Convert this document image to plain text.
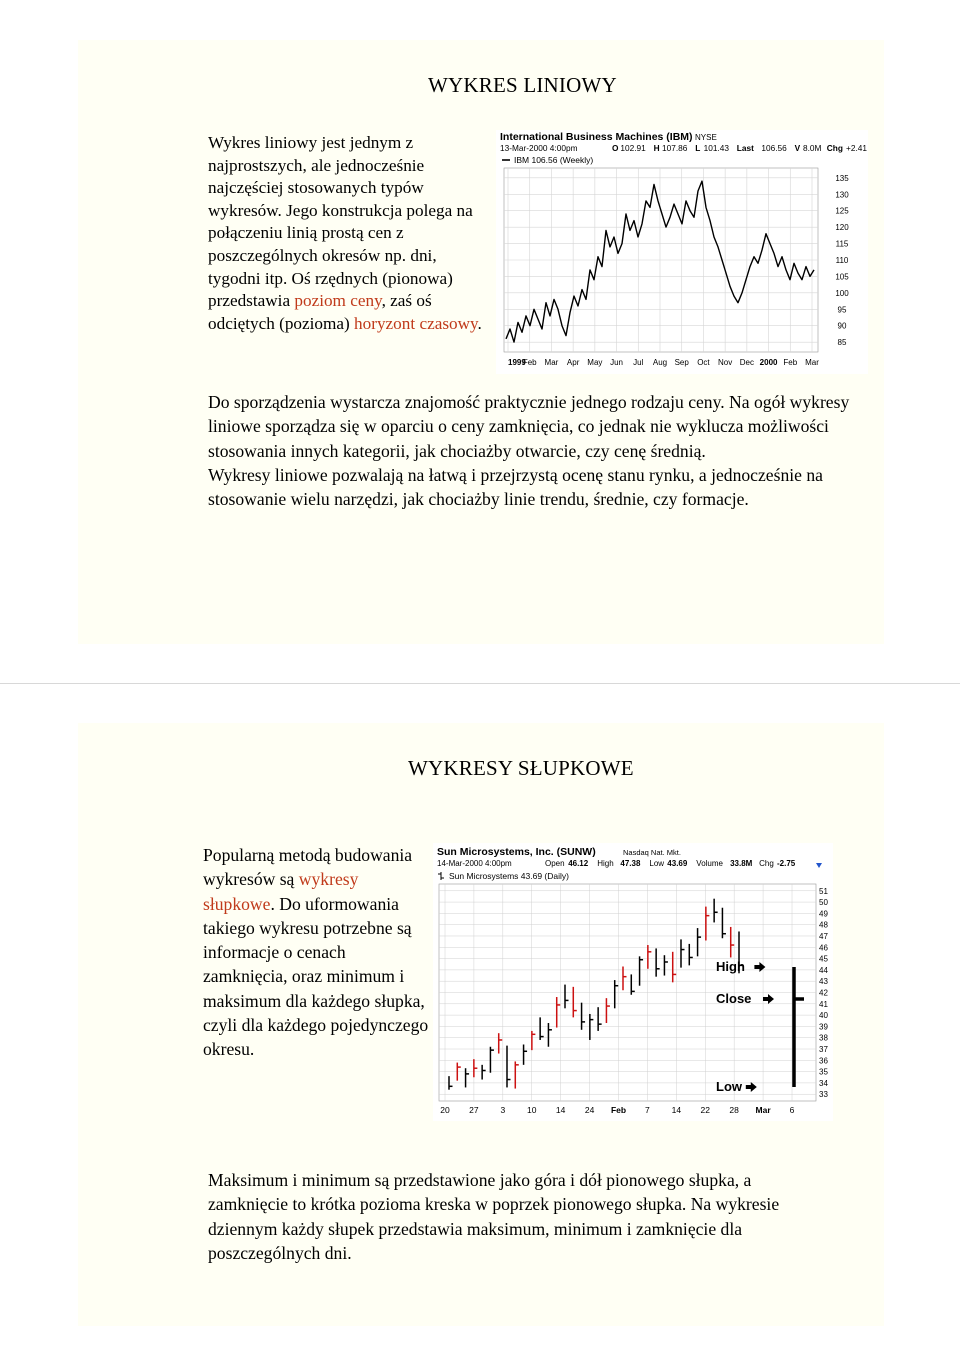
WYKRES LINIOWY

Wykres liniowy jest jednym z najprostszych, ale jednocześnie najczęściej stosowanych typów wykresów. Jego konstrukcja polega na połączeniu linią prostą cen z poszczególnych okresów np. dni, tygodni itp. Oś rzędnych (pionowa) przedstawia poziom ceny, zaś oś odciętych (pozioma) horyzont czasowy.

International Business Machines (IBM) NYSE
13-Mar-2000 4:00pm	O 102.91 H 107.86 L 101.43 Last 106.56 V 8.0M Chg +2.41
IBM 106.56 (Weekly)
135
130
125
120
115
110
105
100
95
90
85
1999
Feb Mar Apr May Jun Jul Aug Sep Oct Nov Dec 2000 Feb Mar

Do sporządzenia wystarcza znajomość praktycznie jednego rodzaju ceny. Na ogół wykresy liniowe sporządza się w oparciu o ceny zamknięcia, co jednak nie wyklucza możliwości stosowania innych kategorii, jak chociażby otwarcie, czy cenę średnią.
Wykresy liniowe pozwalają na łatwą i przejrzystą ocenę stanu rynku, a jednocześnie na stosowanie wielu narzędzi, jak chociażby linie trendu, średnie, czy formacje.

WYKRESY SŁUPKOWE

Popularną metodą budowania wykresów są wykresy słupkowe. Do uformowania takiego wykresu potrzebne są informacje o cenach zamknięcia, oraz minimum i maksimum dla każdego słupka, czyli dla każdego pojedynczego okresu.

Sun Microsystems, Inc. (SUNW)	Nasdaq Nat. Mkt.
14-Mar-2000 4:00pm	Open 46.12 High 47.38 Low 43.69 Volume 33.8M Chg -2.75
Sun Microsystems 43.69 (Daily)
51
50
49
48
47
46
45
44
43
42
41
40
39
38
37
36
35
34
33
20 27	3	10 14 24 Feb 7	14 22 28 Mar 6
High
Close
Low

Maksimum i minimum są przedstawione jako góra i dół pionowego słupka, a zamknięcie to krótka pozioma kreska w poprzek pionowego słupka. Na wykresie dziennym każdy słupek przedstawia maksimum, minimum i zamknięcie dla poszczególnych dni.
